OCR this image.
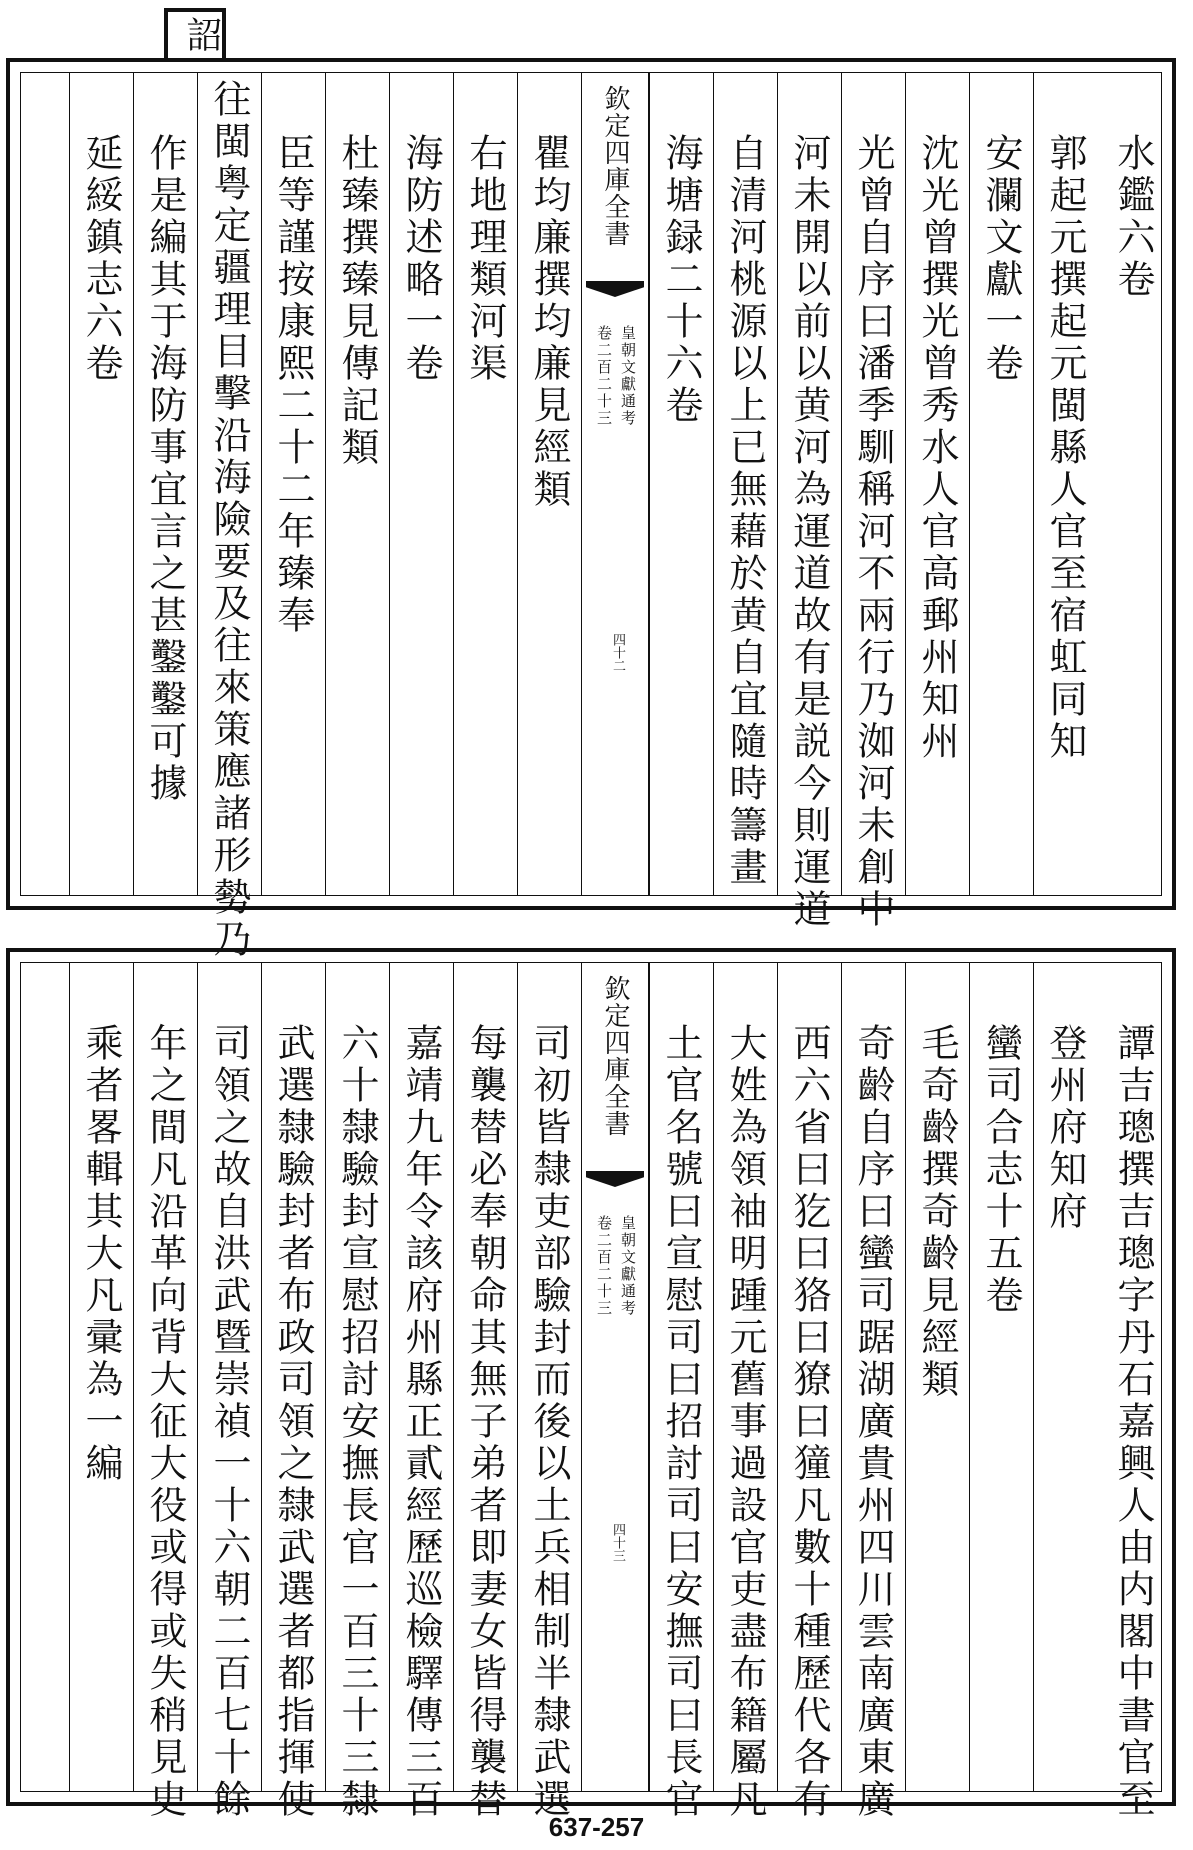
詔
水鑑六卷
郭起元撰起元閩縣人官至宿虹同知
安瀾文獻一卷
沈光曾撰光曾秀水人官高郵州知州
光曾自序曰潘季馴稱河不兩行乃洳河未創中
河未開以前以黄河為運道故有是説今則運道
自清河桃源以上已無藉於黄自宜隨時籌畫
海塘録二十六卷
欽定四庫全書
皇朝文獻通考
卷二百二十三
四十二
瞿均廉撰均廉見經類
右地理類河渠
海防述略一卷
杜臻撰臻見傳記類
臣等謹按康熙二十二年臻奉
往閩粤定疆理目擊沿海險要及往來策應諸形勢乃
作是編其于海防事宜言之甚鑿鑿可據
延綏鎮志六卷
譚吉璁撰吉璁字丹石嘉興人由内閣中書官至
登州府知府
蠻司合志十五卷
毛奇齡撰奇齡見經類
奇齡自序曰蠻司踞湖廣貴州四川雲南廣東廣
西六省曰犵曰狢曰獠曰獞凡數十種歷代各有
大姓為領袖明踵元舊事過設官吏盡布籍屬凡
土官名號曰宣慰司曰招討司曰安撫司曰長官
欽定四庫全書
皇朝文獻通考
卷二百二十三
四十三
司初皆隸吏部驗封而後以土兵相制半隸武選
每襲替必奉朝命其無子弟者即妻女皆得襲替
嘉靖九年令該府州縣正貳經歷巡檢驛傳三百
六十隸驗封宣慰招討安撫長官一百三十三隸
武選隸驗封者布政司領之隸武選者都指揮使
司領之故自洪武暨崇禎一十六朝二百七十餘
年之間凡沿革向背大征大役或得或失稍見史
乘者畧輯其大凡彚為一編
637-257
